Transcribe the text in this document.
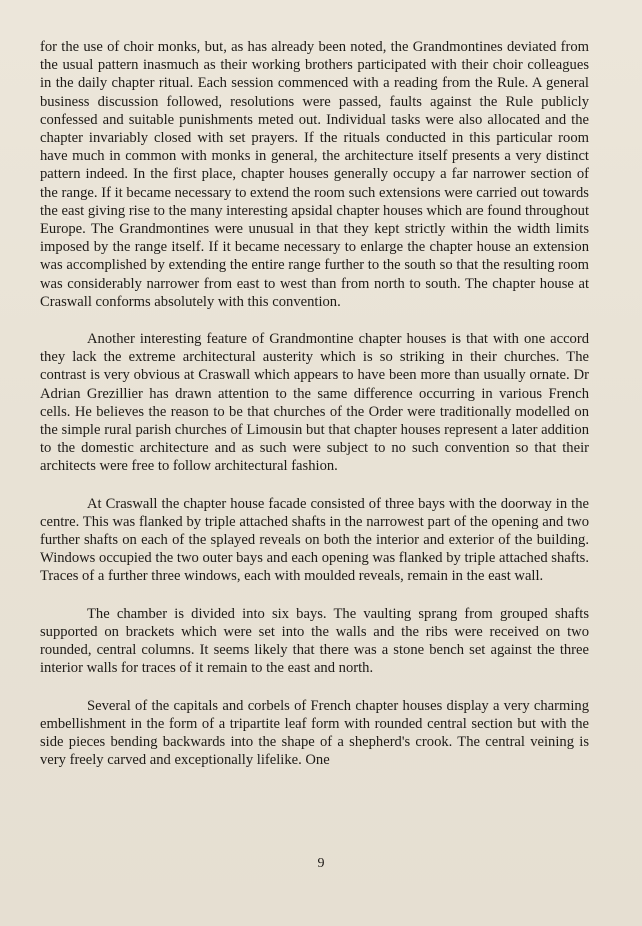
for the use of choir monks, but, as has already been noted, the Grandmontines deviated from the usual pattern inasmuch as their working brothers participated with their choir colleagues in the daily chapter ritual. Each session commenced with a reading from the Rule. A general business discussion followed, resolutions were passed, faults against the Rule publicly confessed and suitable punishments meted out. Individual tasks were also allocated and the chapter invariably closed with set prayers. If the rituals conducted in this particular room have much in common with monks in general, the architecture itself presents a very distinct pattern indeed. In the first place, chapter houses generally occupy a far narrower section of the range. If it became necessary to extend the room such extensions were carried out towards the east giving rise to the many interesting apsidal chapter houses which are found throughout Europe. The Grandmontines were unusual in that they kept strictly within the width limits imposed by the range itself. If it became necessary to enlarge the chapter house an extension was accomplished by extending the entire range further to the south so that the resulting room was considerably narrower from east to west than from north to south. The chapter house at Craswall conforms absolutely with this convention.

Another interesting feature of Grandmontine chapter houses is that with one accord they lack the extreme architectural austerity which is so striking in their churches. The contrast is very obvious at Craswall which appears to have been more than usually ornate. Dr Adrian Grezillier has drawn attention to the same difference occurring in various French cells. He believes the reason to be that churches of the Order were traditionally modelled on the simple rural parish churches of Limousin but that chapter houses represent a later addition to the domestic architecture and as such were subject to no such convention so that their architects were free to follow architectural fashion.

At Craswall the chapter house facade consisted of three bays with the doorway in the centre. This was flanked by triple attached shafts in the narrowest part of the opening and two further shafts on each of the splayed reveals on both the interior and exterior of the building. Windows occupied the two outer bays and each opening was flanked by triple attached shafts. Traces of a further three windows, each with moulded reveals, remain in the east wall.

The chamber is divided into six bays. The vaulting sprang from grouped shafts supported on brackets which were set into the walls and the ribs were received on two rounded, central columns. It seems likely that there was a stone bench set against the three interior walls for traces of it remain to the east and north.

Several of the capitals and corbels of French chapter houses display a very charming embellishment in the form of a tripartite leaf form with rounded central section but with the side pieces bending backwards into the shape of a shepherd's crook. The central veining is very freely carved and exceptionally lifelike. One

9
